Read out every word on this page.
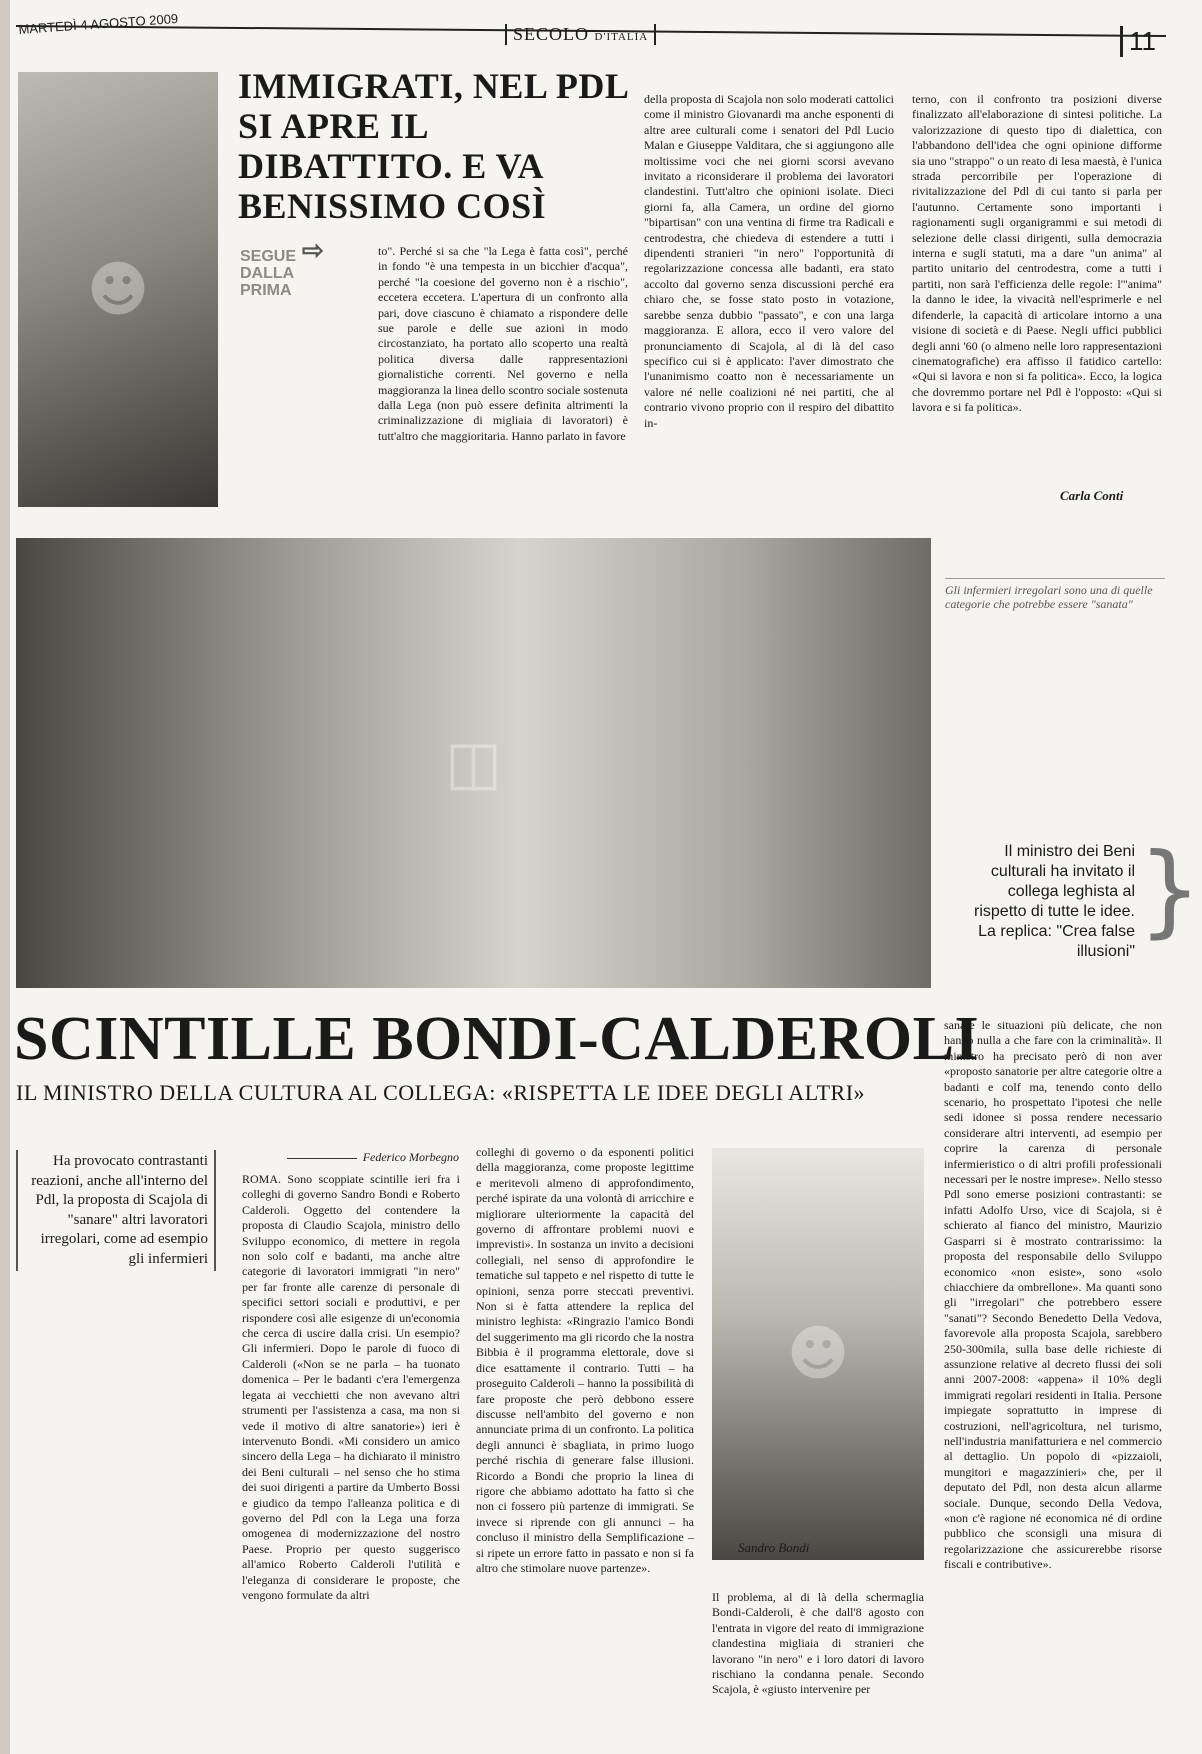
MARTEDÌ 4 AGOSTO 2009	SECOLO D'ITALIA	11
☻
IMMIGRATI, NEL PDL SI APRE IL DIBATTITO. E VA BENISSIMO COSÌ
SEGUE DALLA PRIMA
⇨	to". Perché si sa che "la Lega è fatta così", perché in fondo "è una tempesta in un bicchier d'acqua", perché "la coesione del governo non è a rischio", eccetera eccetera. L'apertura di un confronto alla pari, dove ciascuno è chiamato a rispondere delle sue parole e delle sue azioni in modo circostanziato, ha portato allo scoperto una realtà politica diversa dalle rappresentazioni giornalistiche correnti. Nel governo e nella maggioranza la linea dello scontro sociale sostenuta dalla Lega (non può essere definita altrimenti la criminalizzazione di migliaia di lavoratori) è tutt'altro che maggioritaria. Hanno parlato in favore
della proposta di Scajola non solo moderati cattolici come il ministro Giovanardi ma anche esponenti di altre aree culturali come i senatori del Pdl Lucio Malan e Giuseppe Valditara, che si aggiungono alle moltissime voci che nei giorni scorsi avevano invitato a riconsiderare il problema dei lavoratori clandestini. Tutt'altro che opinioni isolate. Dieci giorni fa, alla Camera, un ordine del giorno "bipartisan" con una ventina di firme tra Radicali e centrodestra, che chiedeva di estendere a tutti i dipendenti stranieri "in nero" l'opportunità di regolarizzazione concessa alle badanti, era stato accolto dal governo senza discussioni perché era chiaro che, se fosse stato posto in votazione, sarebbe senza dubbio "passato", e con una larga maggioranza. E allora, ecco il vero valore del pronunciamento di Scajola, al di là del caso specifico cui si è applicato: l'aver dimostrato che l'unanimismo coatto non è necessariamente un valore né nelle coalizioni né nei partiti, che al contrario vivono proprio con il respiro del dibattito in-
terno, con il confronto tra posizioni diverse finalizzato all'elaborazione di sintesi politiche. La valorizzazione di questo tipo di dialettica, con l'abbandono dell'idea che ogni opinione difforme sia uno "strappo" o un reato di lesa maestà, è l'unica strada percorribile per l'operazione di rivitalizzazione del Pdl di cui tanto si parla per l'autunno. Certamente sono importanti i ragionamenti sugli organigrammi e sui metodi di selezione delle classi dirigenti, sulla democrazia interna e sugli statuti, ma a dare "un anima" al partito unitario del centrodestra, come a tutti i partiti, non sarà l'efficienza delle regole: l'"anima" la danno le idee, la vivacità nell'esprimerle e nel difenderle, la capacità di articolare intorno a una visione di società e di Paese. Negli uffici pubblici degli anni '60 (o almeno nelle loro rappresentazioni cinematografiche) era affisso il fatidico cartello: «Qui si lavora e non si fa politica». Ecco, la logica che dovremmo portare nel Pdl è l'opposto: «Qui si lavora e si fa politica».
Carla Conti
◫
Gli infermieri irregolari sono una di quelle categorie che potrebbe essere "sanata"
Il ministro dei Beni culturali ha invitato il collega leghista al rispetto di tutte le idee. La replica: "Crea false illusioni"
}
SCINTILLE BONDI-CALDEROLI
IL MINISTRO DELLA CULTURA AL COLLEGA: «RISPETTA LE IDEE DEGLI ALTRI»
Ha provocato contrastanti reazioni, anche all'interno del Pdl, la proposta di Scajola di "sanare" altri lavoratori irregolari, come ad esempio gli infermieri
Federico Morbegno
ROMA. Sono scoppiate scintille ieri fra i colleghi di governo Sandro Bondi e Roberto Calderoli. Oggetto del contendere la proposta di Claudio Scajola, ministro dello Sviluppo economico, di mettere in regola non solo colf e badanti, ma anche altre categorie di lavoratori immigrati "in nero" per far fronte alle carenze di personale di specifici settori sociali e produttivi, e per rispondere così alle esigenze di un'economia che cerca di uscire dalla crisi. Un esempio? Gli infermieri. Dopo le parole di fuoco di Calderoli («Non se ne parla – ha tuonato domenica – Per le badanti c'era l'emergenza legata ai vecchietti che non avevano altri strumenti per l'assistenza a casa, ma non si vede il motivo di altre sanatorie») ieri è intervenuto Bondi. «Mi considero un amico sincero della Lega – ha dichiarato il ministro dei Beni culturali – nel senso che ho stima dei suoi dirigenti a partire da Umberto Bossi e giudico da tempo l'alleanza politica e di governo del Pdl con la Lega una forza omogenea di modernizzazione del nostro Paese. Proprio per questo suggerisco all'amico Roberto Calderoli l'utilità e l'eleganza di considerare le proposte, che vengono formulate da altri
colleghi di governo o da esponenti politici della maggioranza, come proposte legittime e meritevoli almeno di approfondimento, perché ispirate da una volontà di arricchire e migliorare ulteriormente la capacità del governo di affrontare problemi nuovi e imprevisti». In sostanza un invito a decisioni collegiali, nel senso di approfondire le tematiche sul tappeto e nel rispetto di tutte le opinioni, senza porre steccati preventivi. Non si è fatta attendere la replica del ministro leghista: «Ringrazio l'amico Bondi del suggerimento ma gli ricordo che la nostra Bibbia è il programma elettorale, dove si dice esattamente il contrario. Tutti – ha proseguito Calderoli – hanno la possibilità di fare proposte che però debbono essere discusse nell'ambito del governo e non annunciate prima di un confronto. La politica degli annunci è sbagliata, in primo luogo perché rischia di generare false illusioni. Ricordo a Bondi che proprio la linea di rigore che abbiamo adottato ha fatto sì che non ci fossero più partenze di immigrati. Se invece si riprende con gli annunci – ha concluso il ministro della Semplificazione – si ripete un errore fatto in passato e non si fa altro che stimolare nuove partenze».
☻
Sandro Bondi
Il problema, al di là della schermaglia Bondi-Calderoli, è che dall'8 agosto con l'entrata in vigore del reato di immigrazione clandestina migliaia di stranieri che lavorano "in nero" e i loro datori di lavoro rischiano la condanna penale. Secondo Scajola, è «giusto intervenire per
sanare le situazioni più delicate, che non hanno nulla a che fare con la criminalità». Il ministro ha precisato però di non aver «proposto sanatorie per altre categorie oltre a badanti e colf ma, tenendo conto dello scenario, ho prospettato l'ipotesi che nelle sedi idonee si possa rendere necessario considerare altri interventi, ad esempio per coprire la carenza di personale infermieristico o di altri profili professionali necessari per le nostre imprese». Nello stesso Pdl sono emerse posizioni contrastanti: se infatti Adolfo Urso, vice di Scajola, si è schierato al fianco del ministro, Maurizio Gasparri si è mostrato contrarissimo: la proposta del responsabile dello Sviluppo economico «non esiste», sono «solo chiacchiere da ombrellone». Ma quanti sono gli "irregolari" che potrebbero essere "sanati"? Secondo Benedetto Della Vedova, favorevole alla proposta Scajola, sarebbero 250-300mila, sulla base delle richieste di assunzione relative al decreto flussi dei soli anni 2007-2008: «appena» il 10% degli immigrati regolari residenti in Italia. Persone impiegate soprattutto in imprese di costruzioni, nell'agricoltura, nel turismo, nell'industria manifatturiera e nel commercio al dettaglio. Un popolo di «pizzaioli, mungitori e magazzinieri» che, per il deputato del Pdl, non desta alcun allarme sociale. Dunque, secondo Della Vedova, «non c'è ragione né economica né di ordine pubblico che sconsigli una misura di regolarizzazione che assicurerebbe risorse fiscali e contributive».
